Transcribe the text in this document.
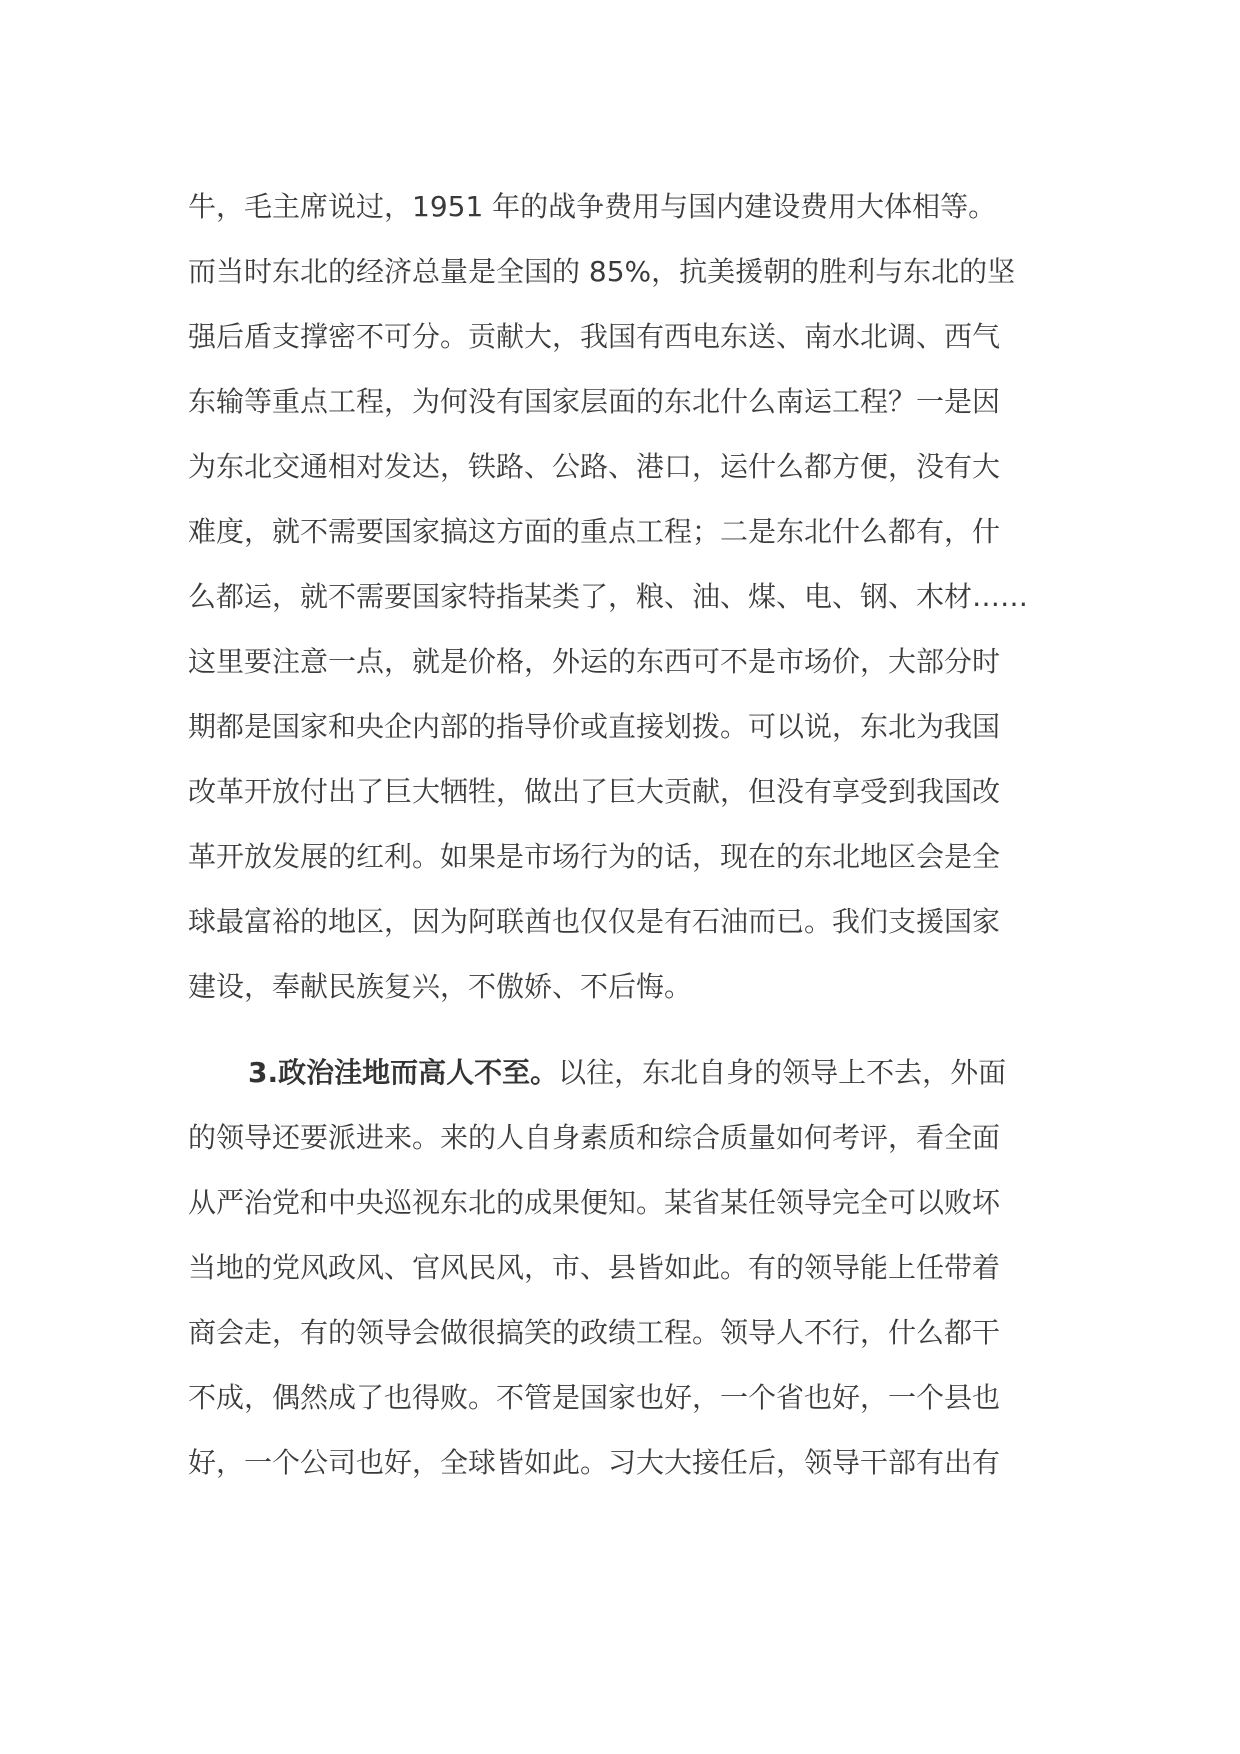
牛，毛主席说过，1951 年的战争费用与国内建设费用大体相等。
而当时东北的经济总量是全国的 85%，抗美援朝的胜利与东北的坚
强后盾支撑密不可分。贡献大，我国有西电东送、南水北调、西气
东输等重点工程，为何没有国家层面的东北什么南运工程？一是因
为东北交通相对发达，铁路、公路、港口，运什么都方便，没有大
难度，就不需要国家搞这方面的重点工程；二是东北什么都有，什
么都运，就不需要国家特指某类了，粮、油、煤、电、钢、木材……
这里要注意一点，就是价格，外运的东西可不是市场价，大部分时
期都是国家和央企内部的指导价或直接划拨。可以说，东北为我国
改革开放付出了巨大牺牲，做出了巨大贡献，但没有享受到我国改
革开放发展的红利。如果是市场行为的话，现在的东北地区会是全
球最富裕的地区，因为阿联酋也仅仅是有石油而已。我们支援国家
建设，奉献民族复兴，不傲娇、不后悔。
3.政治洼地而高人不至。以往，东北自身的领导上不去，外面
的领导还要派进来。来的人自身素质和综合质量如何考评，看全面
从严治党和中央巡视东北的成果便知。某省某任领导完全可以败坏
当地的党风政风、官风民风，市、县皆如此。有的领导能上任带着
商会走，有的领导会做很搞笑的政绩工程。领导人不行，什么都干
不成，偶然成了也得败。不管是国家也好，一个省也好，一个县也
好，一个公司也好，全球皆如此。习大大接任后，领导干部有出有
